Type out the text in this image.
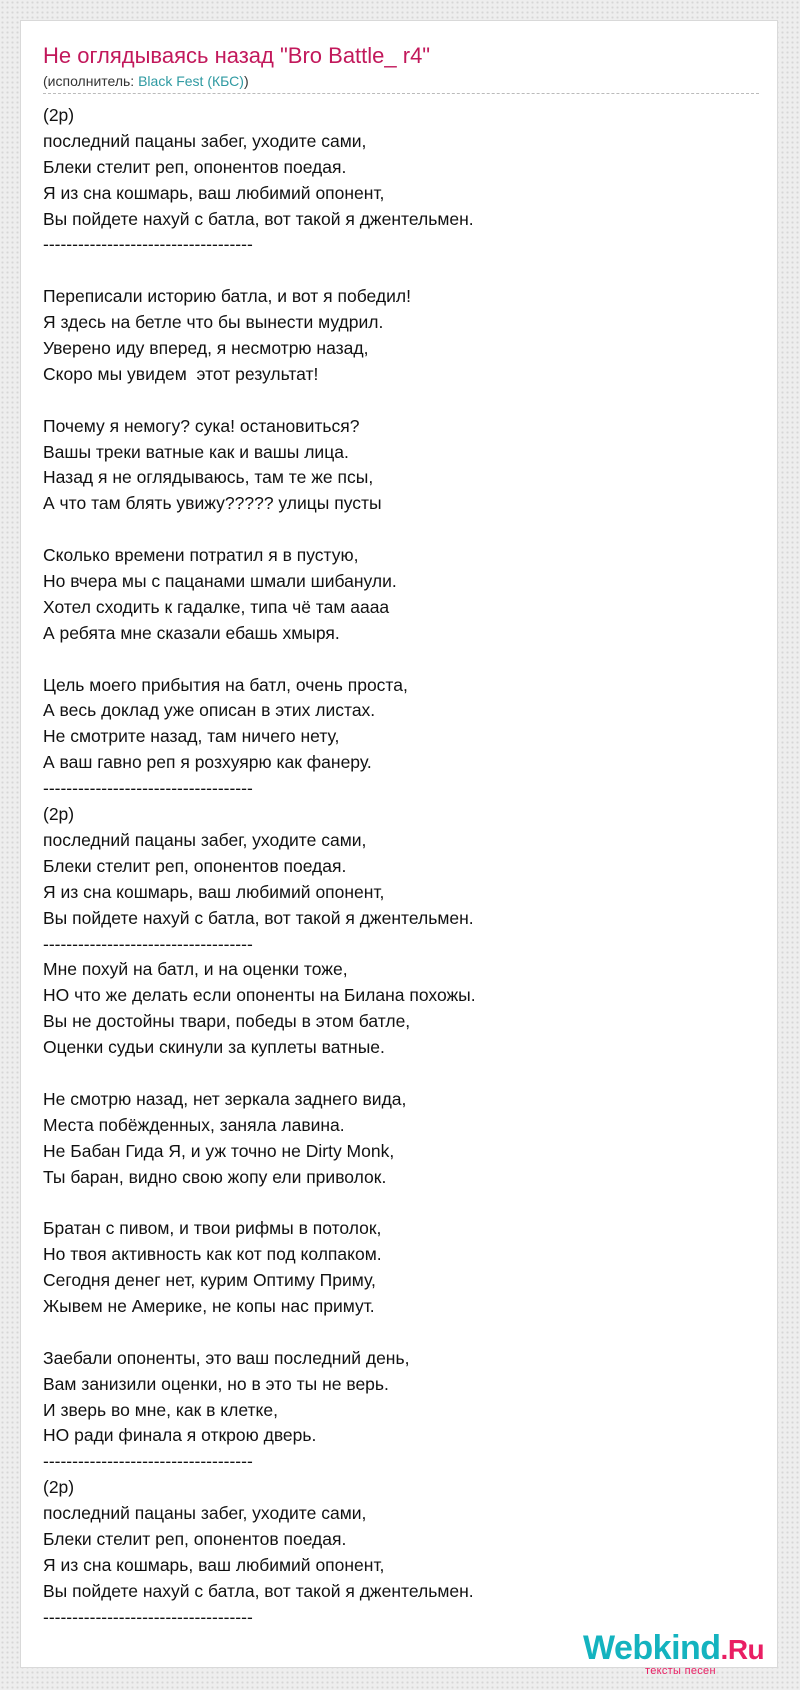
Не оглядываясь назад "Bro Battle_ r4"
(исполнитель: Black Fest (КБС))
(2р)
последний пацаны забег, уходите сами,
Блеки стелит реп, опонентов поедая.
Я из сна кошмарь, ваш любимий опонент,
Вы пойдете нахуй с батла, вот такой я джентельмен.
------------------------------------
Переписали историю батла, и вот я победил!
Я здесь на бетле что бы вынести мудрил.
Уверено иду вперед, я несмотрю назад,
Скоро мы увидем  этот результат!
Почему я немогу? сука! остановиться?
Вашы треки ватные как и вашы лица.
Назад я не оглядываюсь, там те же псы,
А что там блять увижу????? улицы пусты
Сколько времени потратил я в пустую,
Но вчера мы с пацанами шмали шибанули.
Хотел сходить к гадалке, типа чё там аааа
А ребята мне сказали ебашь хмыря.
Цель моего прибытия на батл, очень проста,
А весь доклад уже описан в этих листах.
Не смотрите назад, там ничего нету,
А ваш гавно реп я розхуярю как фанеру.
------------------------------------
(2р)
последний пацаны забег, уходите сами,
Блеки стелит реп, опонентов поедая.
Я из сна кошмарь, ваш любимий опонент,
Вы пойдете нахуй с батла, вот такой я джентельмен.
------------------------------------
Мне похуй на батл, и на оценки тоже,
НО что же делать если опоненты на Билана похожы.
Вы не достойны твари, победы в этом батле,
Оценки судьи скинули за куплеты ватные.
Не смотрю назад, нет зеркала заднего вида,
Места побёжденных, заняла лавина.
Не Бабан Гида Я, и уж точно не Dirty Monk,
Ты баран, видно свою жопу ели приволок.
Братан с пивом, и твои рифмы в потолок,
Но твоя активность как кот под колпаком.
Сегодня денег нет, курим Оптиму Приму,
Жывем не Америке, не копы нас примут.
Заебали опоненты, это ваш последний день,
Вам занизили оценки, но в это ты не верь.
И зверь во мне, как в клетке,
НО ради финала я открою дверь.
------------------------------------
(2р)
последний пацаны забег, уходите сами,
Блеки стелит реп, опонентов поедая.
Я из сна кошмарь, ваш любимий опонент,
Вы пойдете нахуй с батла, вот такой я джентельмен.
------------------------------------
Webkind.Ru
тексты песен
